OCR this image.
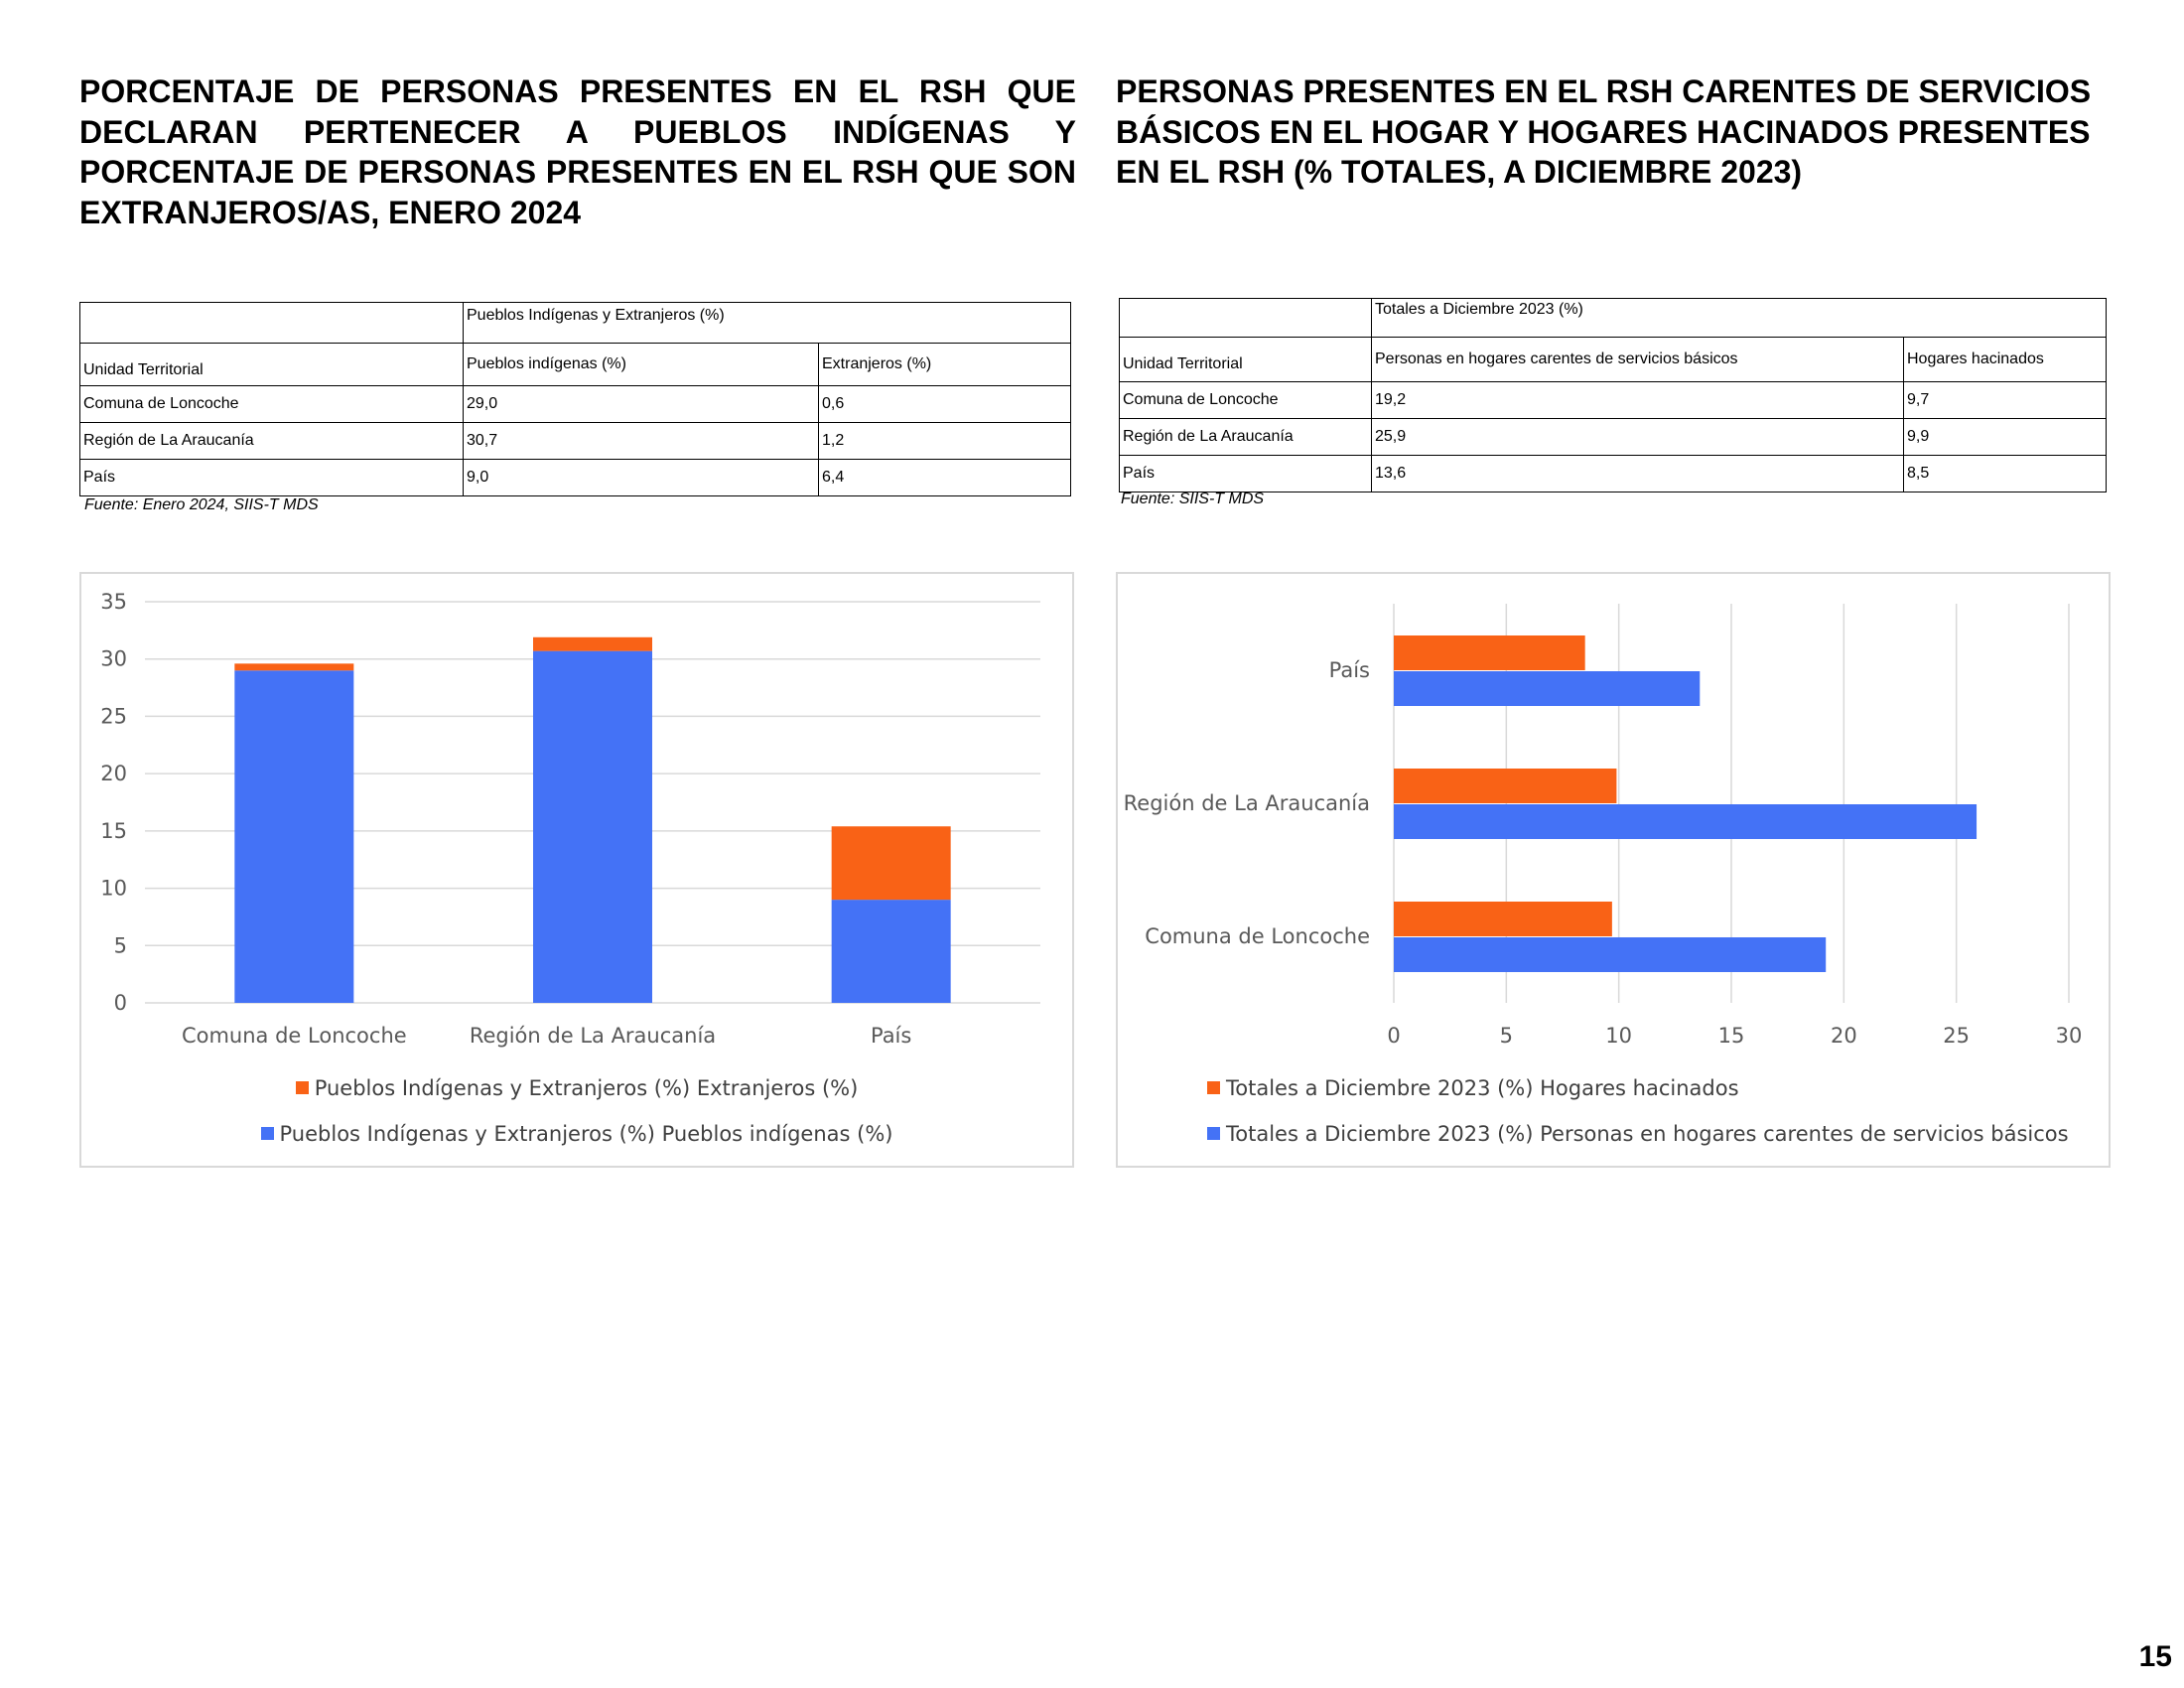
PORCENTAJE DE PERSONAS PRESENTES EN EL RSH QUE DECLARAN PERTENECER A PUEBLOS INDÍGENAS Y PORCENTAJE DE PERSONAS PRESENTES EN EL RSH QUE SON EXTRANJEROS/AS, ENERO 2024
	Pueblos Indígenas y Extranjeros (%)	
Unidad Territorial	Pueblos indígenas (%)	Extranjeros (%)
Comuna de Loncoche	29,0	0,6
Región de La Araucanía	30,7	1,2
País	9,0	6,4
Fuente: Enero 2024, SIIS-T MDS
0
5
10
15
20
25
30
35
Comuna de Loncoche	Región de La Araucanía	País
Pueblos Indígenas y Extranjeros (%) Extranjeros (%)
Pueblos Indígenas y Extranjeros (%) Pueblos indígenas (%)
PERSONAS PRESENTES EN EL RSH CARENTES DE SERVICIOS BÁSICOS EN EL HOGAR Y HOGARES HACINADOS PRESENTES EN EL RSH (% TOTALES, A DICIEMBRE 2023)
	Totales a Diciembre 2023 (%)	
Unidad Territorial	Personas en hogares carentes de servicios básicos	Hogares hacinados
Comuna de Loncoche	19,2	9,7
Región de La Araucanía	25,9	9,9
País	13,6	8,5
Fuente: SIIS-T MDS
0	5	10	15	20	25	30
Comuna de Loncoche
Región de La Araucanía
País
Totales a Diciembre 2023 (%) Hogares hacinados
Totales a Diciembre 2023 (%) Personas en hogares carentes de servicios básicos
15
